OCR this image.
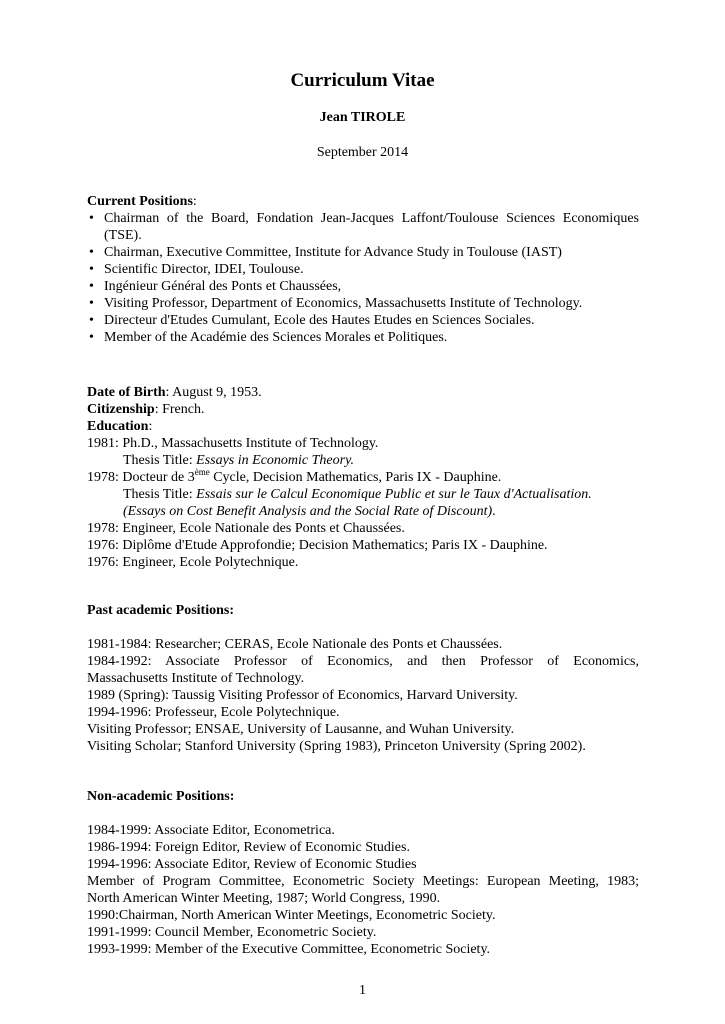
Curriculum Vitae
Jean TIROLE
September 2014
Current Positions:
• Chairman of the Board, Fondation Jean-Jacques Laffont/Toulouse Sciences Economiques (TSE).
• Chairman, Executive Committee, Institute for Advance Study in Toulouse (IAST)
• Scientific Director, IDEI, Toulouse.
• Ingénieur Général des Ponts et Chaussées,
• Visiting Professor, Department of Economics, Massachusetts Institute of Technology.
• Directeur d'Etudes Cumulant, Ecole des Hautes Etudes en Sciences Sociales.
• Member of the Académie des Sciences Morales et Politiques.
Date of Birth: August 9, 1953.
Citizenship: French.
Education:
1981: Ph.D., Massachusetts Institute of Technology.
Thesis Title: Essays in Economic Theory.
1978: Docteur de 3ème Cycle, Decision Mathematics, Paris IX - Dauphine.
Thesis Title: Essais sur le Calcul Economique Public et sur le Taux d'Actualisation.
(Essays on Cost Benefit Analysis and the Social Rate of Discount).
1978: Engineer, Ecole Nationale des Ponts et Chaussées.
1976: Diplôme d'Etude Approfondie; Decision Mathematics; Paris IX - Dauphine.
1976: Engineer, Ecole Polytechnique.
Past academic Positions:
1981-1984: Researcher; CERAS, Ecole Nationale des Ponts et Chaussées.
1984-1992: Associate Professor of Economics, and then Professor of Economics,
Massachusetts Institute of Technology.
1989 (Spring): Taussig Visiting Professor of Economics, Harvard University.
1994-1996: Professeur, Ecole Polytechnique.
Visiting Professor; ENSAE, University of Lausanne, and Wuhan University.
Visiting Scholar; Stanford University (Spring 1983), Princeton University (Spring 2002).
Non-academic Positions:
1984-1999: Associate Editor, Econometrica.
1986-1994: Foreign Editor, Review of Economic Studies.
1994-1996: Associate Editor, Review of Economic Studies
Member of Program Committee, Econometric Society Meetings: European Meeting, 1983;
North American Winter Meeting, 1987; World Congress, 1990.
1990:Chairman, North American Winter Meetings, Econometric Society.
1991-1999: Council Member, Econometric Society.
1993-1999: Member of the Executive Committee, Econometric Society.
1
